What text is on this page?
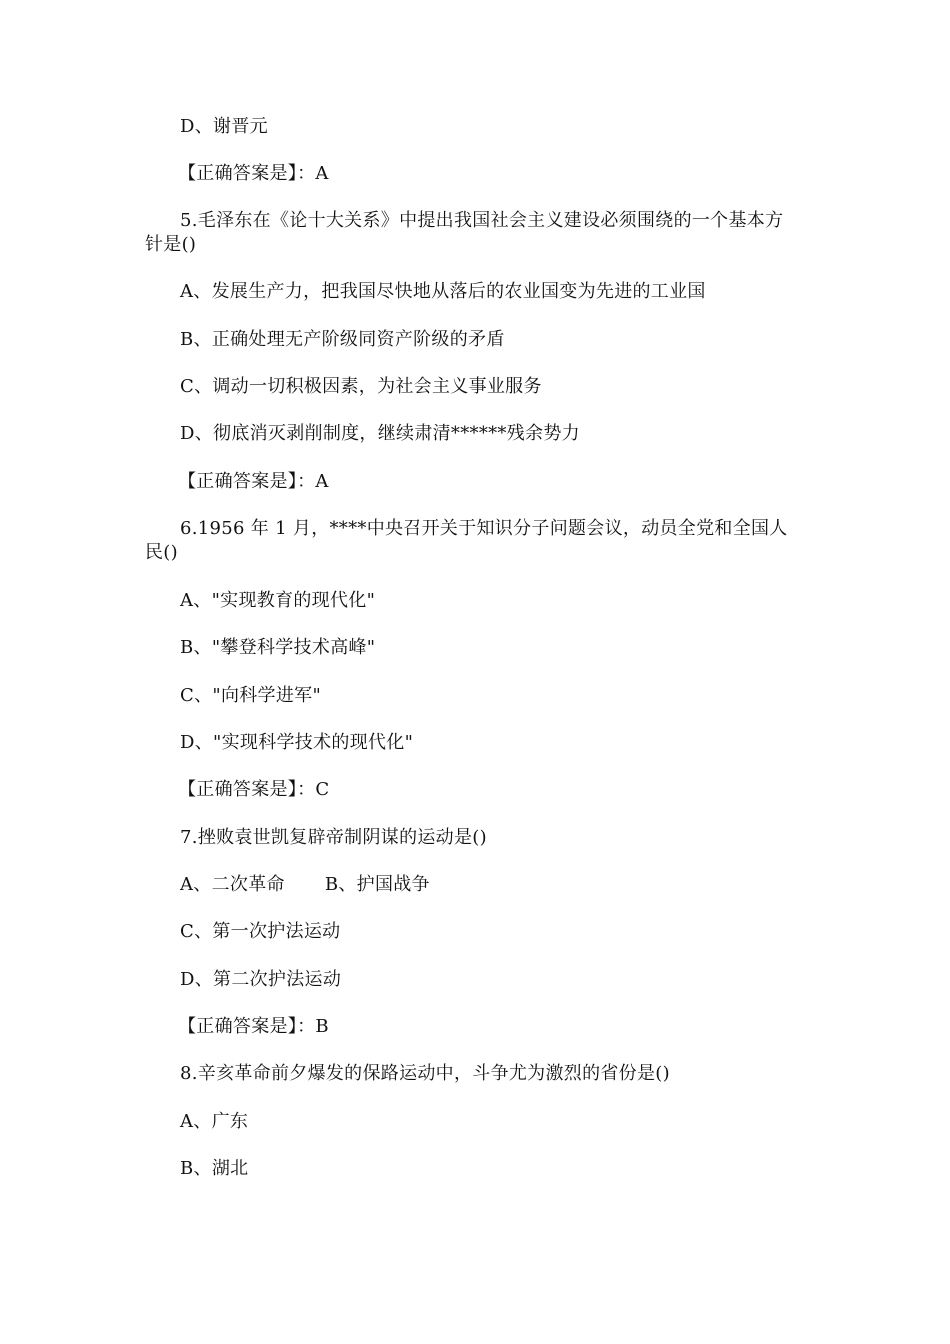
D、谢晋元
【正确答案是】：A
5.毛泽东在《论十大关系》中提出我国社会主义建设必须围绕的一个基本方
针是()
A、发展生产力，把我国尽快地从落后的农业国变为先进的工业国
B、正确处理无产阶级同资产阶级的矛盾
C、调动一切积极因素，为社会主义事业服务
D、彻底消灭剥削制度，继续肃清******残余势力
【正确答案是】：A
6.1956 年 1 月，****中央召开关于知识分子问题会议，动员全党和全国人
民()
A、"实现教育的现代化"
B、"攀登科学技术高峰"
C、"向科学进军"
D、"实现科学技术的现代化"
【正确答案是】：C
7.挫败袁世凯复辟帝制阴谋的运动是()
A、二次革命 B、护国战争
C、第一次护法运动
D、第二次护法运动
【正确答案是】：B
8.辛亥革命前夕爆发的保路运动中，斗争尤为激烈的省份是()
A、广东
B、湖北
